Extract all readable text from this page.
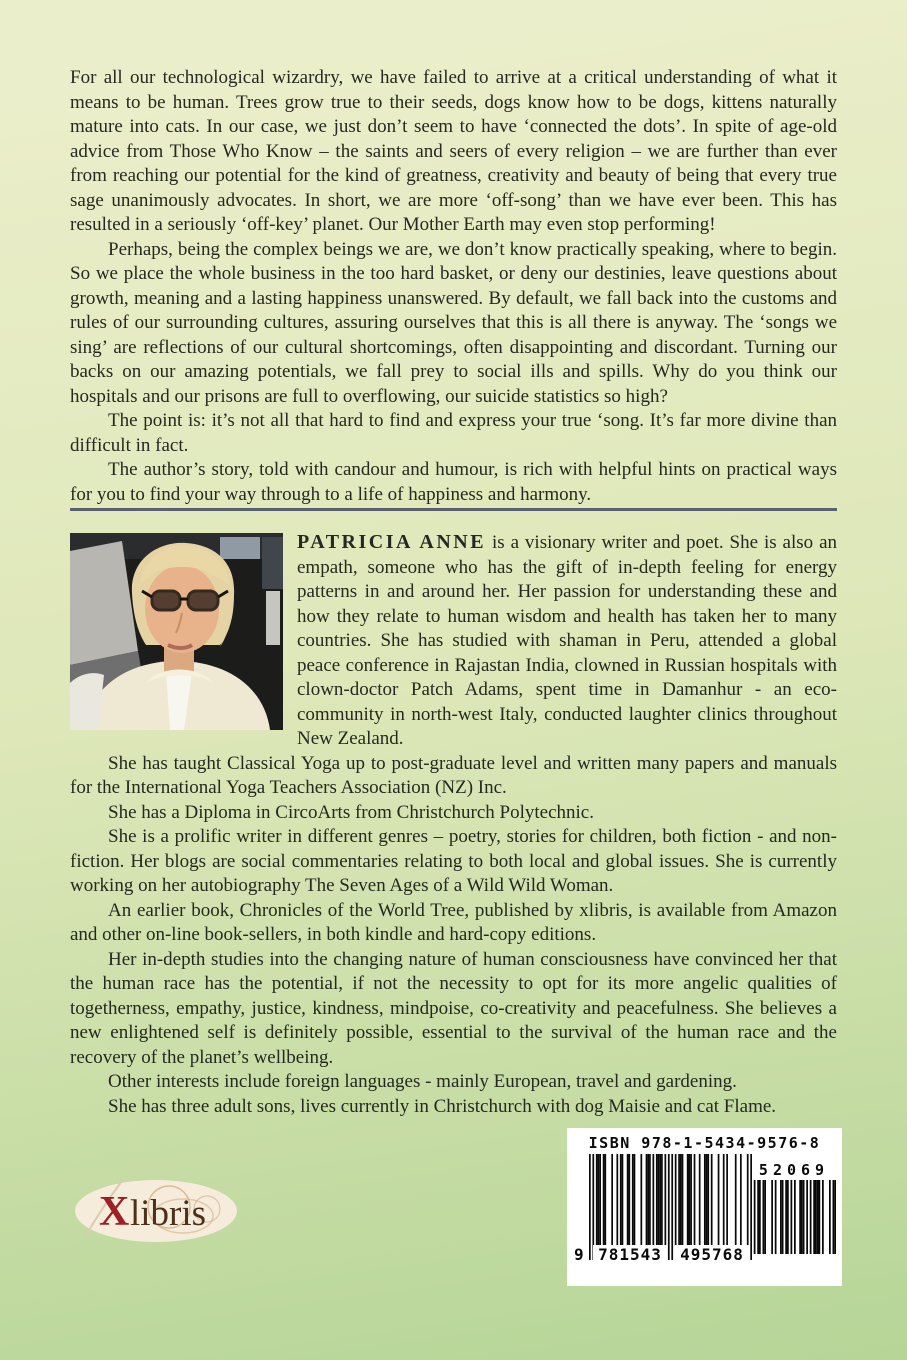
For all our technological wizardry, we have failed to arrive at a critical understanding of what it means to be human. Trees grow true to their seeds, dogs know how to be dogs, kittens naturally mature into cats. In our case, we just don’t seem to have ‘connected the dots’. In spite of age-old advice from Those Who Know – the saints and seers of every religion – we are further than ever from reaching our potential for the kind of greatness, creativity and beauty of being that every true sage unanimously advocates. In short, we are more ‘off-song’ than we have ever been. This has resulted in a seriously ‘off-key’ planet. Our Mother Earth may even stop performing!

Perhaps, being the complex beings we are, we don’t know practically speaking, where to begin. So we place the whole business in the too hard basket, or deny our destinies, leave questions about growth, meaning and a lasting happiness unanswered. By default, we fall back into the customs and rules of our surrounding cultures, assuring ourselves that this is all there is anyway. The ‘songs we sing’ are reflections of our cultural shortcomings, often disappointing and discordant. Turning our backs on our amazing potentials, we fall prey to social ills and spills. Why do you think our hospitals and our prisons are full to overflowing, our suicide statistics so high?

The point is: it’s not all that hard to find and express your true ‘song. It’s far more divine than difficult in fact.

The author’s story, told with candour and humour, is rich with helpful hints on practical ways for you to find your way through to a life of happiness and harmony.

PATRICIA ANNE is a visionary writer and poet. She is also an empath, someone who has the gift of in-depth feeling for energy patterns in and around her. Her passion for understanding these and how they relate to human wisdom and health has taken her to many countries. She has studied with shaman in Peru, attended a global peace conference in Rajastan India, clowned in Russian hospitals with clown-doctor Patch Adams, spent time in Damanhur - an eco-community in north-west Italy, conducted laughter clinics throughout New Zealand.

She has taught Classical Yoga up to post-graduate level and written many papers and manuals for the International Yoga Teachers Association (NZ) Inc.

She has a Diploma in CircoArts from Christchurch Polytechnic.

She is a prolific writer in different genres – poetry, stories for children, both fiction - and non-fiction. Her blogs are social commentaries relating to both local and global issues. She is currently working on her autobiography The Seven Ages of a Wild Wild Woman.

An earlier book, Chronicles of the World Tree, published by xlibris, is available from Amazon and other on-line book-sellers, in both kindle and hard-copy editions.

Her in-depth studies into the changing nature of human consciousness have convinced her that the human race has the potential, if not the necessity to opt for its more angelic qualities of togetherness, empathy, justice, kindness, mindpoise, co-creativity and peacefulness. She believes a new enlightened self is definitely possible, essential to the survival of the human race and the recovery of the planet’s wellbeing.

Other interests include foreign languages - mainly European, travel and gardening.

She has three adult sons, lives currently in Christchurch with dog Maisie and cat Flame.

X libris
ISBN 978-1-5434-9576-8
9 781543	495768
52069
